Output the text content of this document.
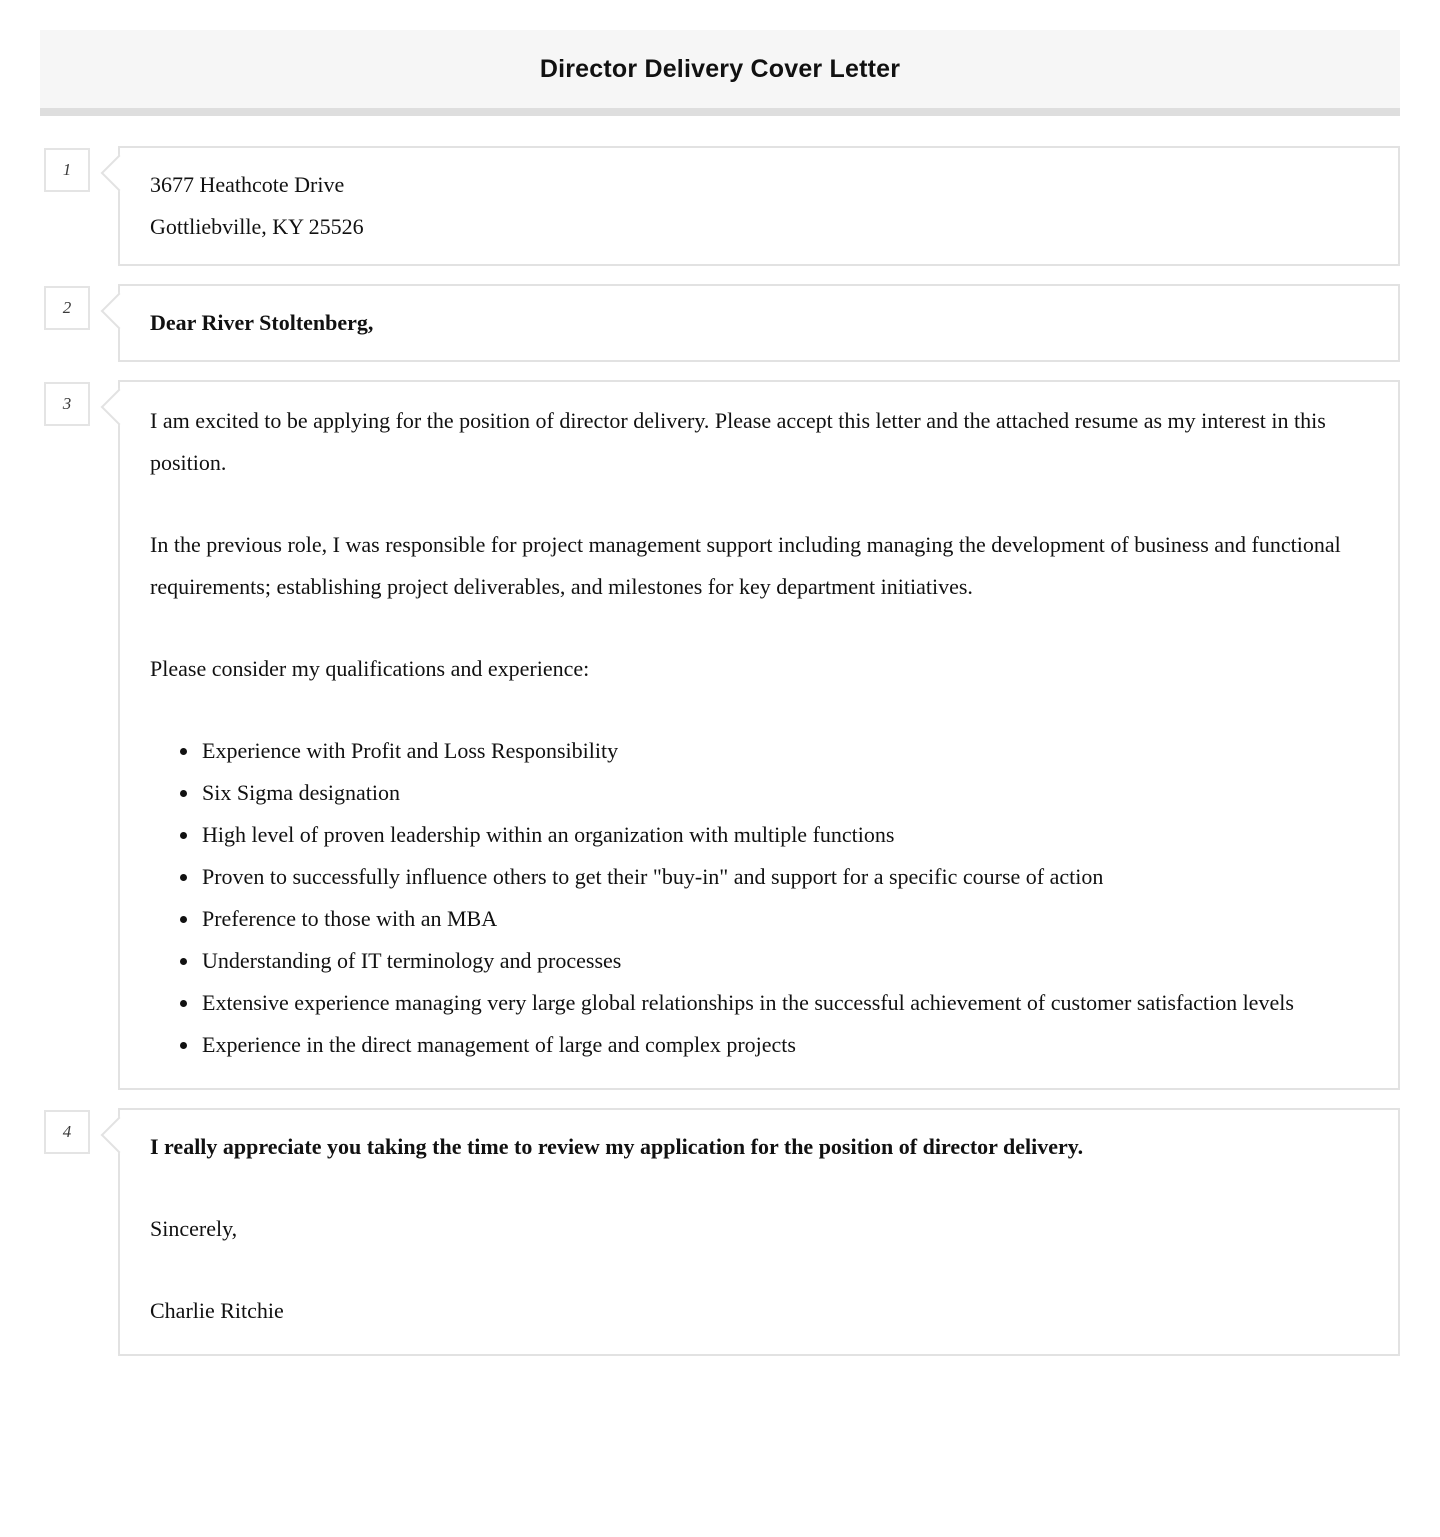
Director Delivery Cover Letter
1
3677 Heathcote Drive
Gottliebville, KY 25526
2
Dear River Stoltenberg,
3

I am excited to be applying for the position of director delivery. Please accept this letter and the attached resume as my interest in this position.

In the previous role, I was responsible for project management support including managing the development of business and functional requirements; establishing project deliverables, and milestones for key department initiatives.

Please consider my qualifications and experience:

• Experience with Profit and Loss Responsibility
• Six Sigma designation
• High level of proven leadership within an organization with multiple functions
• Proven to successfully influence others to get their "buy-in" and support for a specific course of action
• Preference to those with an MBA
• Understanding of IT terminology and processes
• Extensive experience managing very large global relationships in the successful achievement of customer satisfaction levels
• Experience in the direct management of large and complex projects
4

I really appreciate you taking the time to review my application for the position of director delivery.

Sincerely,

Charlie Ritchie
